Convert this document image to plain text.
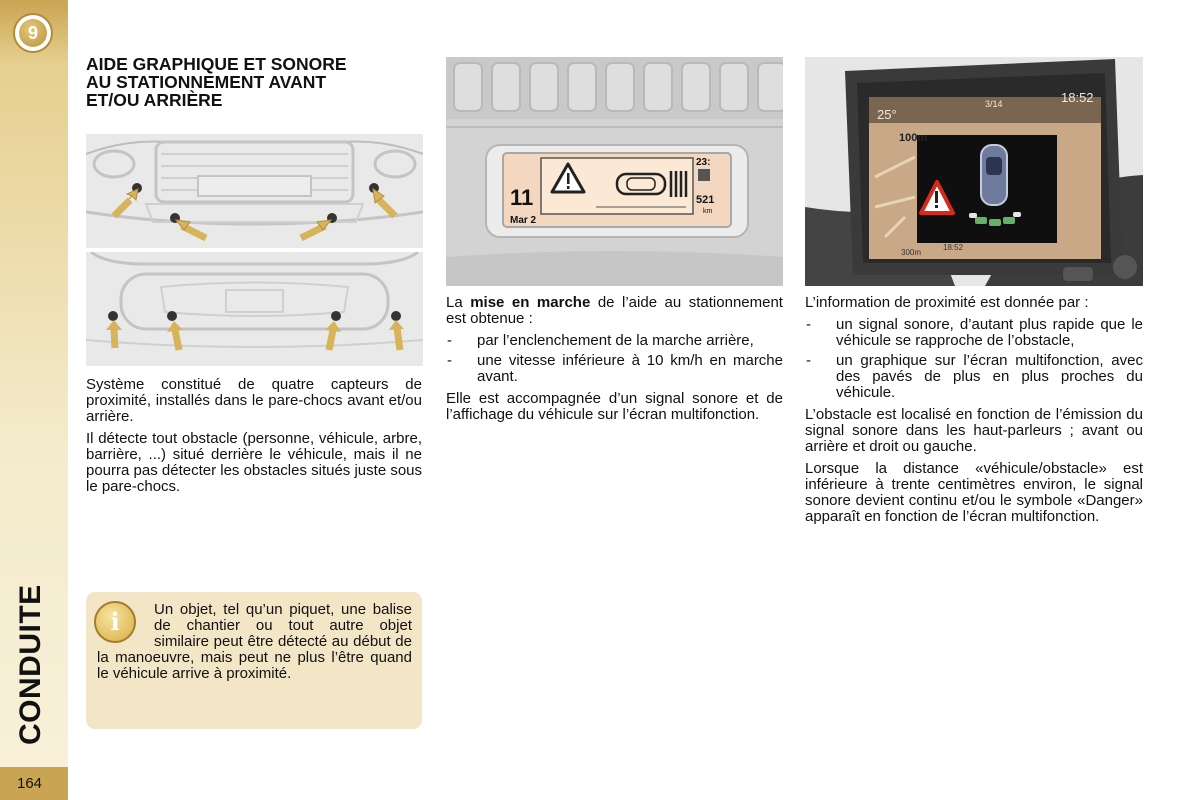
9
CONDUITE
164
AIDE GRAPHIQUE ET SONORE
AU STATIONNEMENT AVANT
ET/OU ARRIÈRE

Système constitué de quatre capteurs de proximité, installés dans le pare-chocs avant et/ou arrière.

Il détecte tout obstacle (personne, véhicule, arbre, barrière, ...) situé derrière le véhicule, mais il ne pourra pas détecter les obstacles situés juste sous le pare-chocs.

Un objet, tel qu’un piquet, une balise de chantier ou tout autre objet similaire peut être détecté au début de la manoeuvre, mais peut ne plus l’être quand le véhicule arrive à proximité.
i
11
Mar 2
23:
521
km

La mise en marche de l’aide au stationnement est obtenue :

- par l’enclenchement de la marche arrière,
- une vitesse inférieure à 10 km/h en marche avant.

Elle est accompagnée d’un signal sonore et de l’affichage du véhicule sur l’écran multifonction.

25°
3/14	18:52
100m
300m
18:52

L’information de proximité est donnée par :

- un signal sonore, d’autant plus rapide que le véhicule se rapproche de l’obstacle,
- un graphique sur l’écran multifonction, avec des pavés de plus en plus proches du véhicule.

L’obstacle est localisé en fonction de l’émission du signal sonore dans les haut-parleurs ; avant ou arrière et droit ou gauche.

Lorsque la distance «véhicule/obstacle» est inférieure à trente centimètres environ, le signal sonore devient continu et/ou le symbole «Danger» apparaît en fonction de l’écran multifonction.
